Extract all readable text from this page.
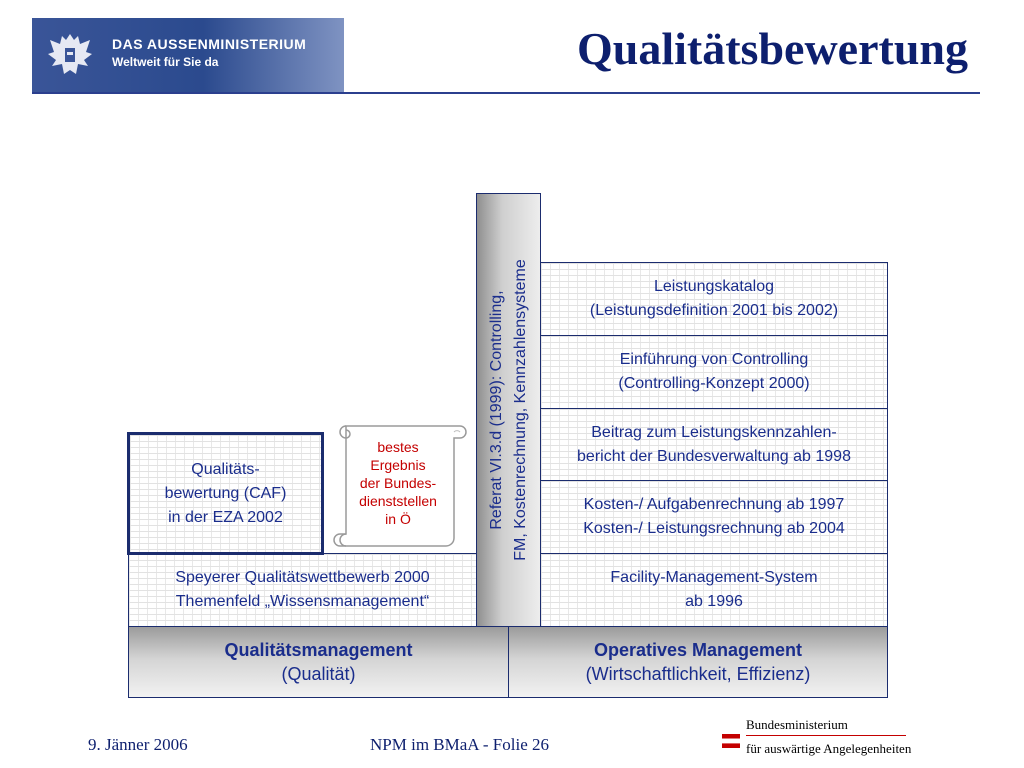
DAS AUSSENMINISTERIUM
Weltweit für Sie da	Qualitätsbewertung
Speyerer Qualitätswettbewerb 2000
Themenfeld „Wissensmanagement“
Qualitäts-
bewertung (CAF)
in der EZA 2002
bestes
Ergebnis
der Bundes-
dienststellen
in Ö	Referat VI.3.d (1999): Controlling, FM, Kostenrechnung, Kennzahlensysteme	Leistungskatalog
(Leistungsdefinition 2001 bis 2002)
Einführung von Controlling
(Controlling-Konzept 2000)
Beitrag zum Leistungskennzahlen-
bericht der Bundesverwaltung ab 1998
Kosten-/ Aufgabenrechnung ab 1997
Kosten-/ Leistungsrechnung ab 2004
Facility-Management-System
ab 1996
Qualitätsmanagement
(Qualität)
Operatives Management
(Wirtschaftlichkeit, Effizienz)
9. Jänner 2006	NPM im BMaA - Folie 26
Bundesministerium
für auswärtige Angelegenheiten
